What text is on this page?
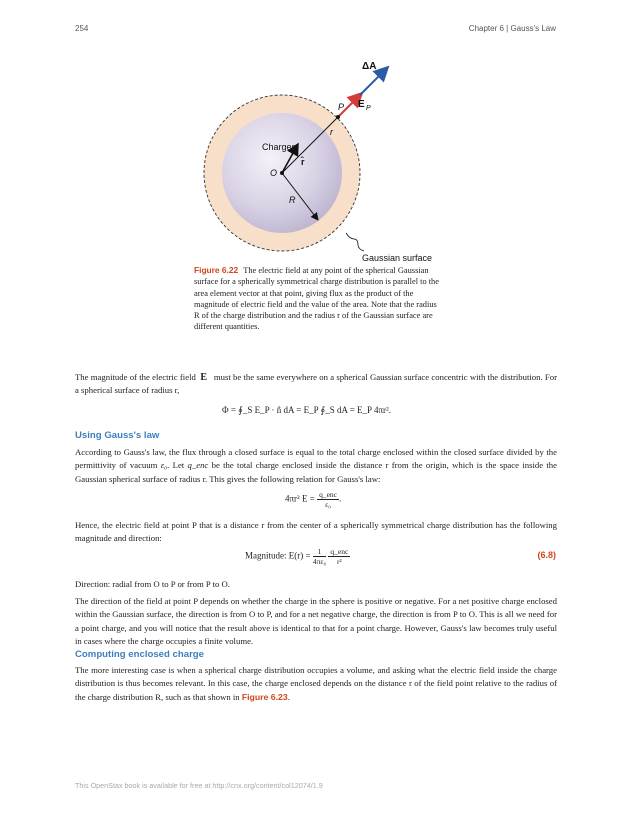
254	Chapter 6 | Gauss's Law
ΔA
E P
P
r
Charges
r̂
O
R
Gaussian surface
Figure 6.22 The electric field at any point of the spherical Gaussian surface for a spherically symmetrical charge distribution is parallel to the area element vector at that point, giving flux as the product of the magnitude of electric field and the value of the area. Note that the radius R of the charge distribution and the radius r of the Gaussian surface are different quantities.

The magnitude of the electric field E must be the same everywhere on a spherical Gaussian surface concentric with the distribution. For a spherical surface of radius r,

Φ = ∮_S E_P · n̂ dA = E_P ∮_S dA = E_P 4πr².
Using Gauss's law

According to Gauss's law, the flux through a closed surface is equal to the total charge enclosed within the closed surface divided by the permittivity of vacuum ε₀. Let q_enc be the total charge enclosed inside the distance r from the origin, which is the space inside the Gaussian spherical surface of radius r. This gives the following relation for Gauss's law:

4πr² $E = \frac{\text{q\_enc}}{\text{ε₀}}$ .

Hence, the electric field at point P that is a distance r from the center of a spherically symmetrical charge distribution has the following magnitude and direction:

Magnitude: $E(r) = \frac{1}{\text{4πε₀}}$
$\frac{\text{q\_enc}}{\text{r²}}$	(6.8)

Direction: radial from O to P or from P to O.

The direction of the field at point P depends on whether the charge in the sphere is positive or negative. For a net positive charge enclosed within the Gaussian surface, the direction is from O to P, and for a net negative charge, the direction is from P to O. This is all we need for a point charge, and you will notice that the result above is identical to that for a point charge. However, Gauss's law becomes truly useful in cases where the charge occupies a finite volume.

Computing enclosed charge

The more interesting case is when a spherical charge distribution occupies a volume, and asking what the electric field inside the charge distribution is thus becomes relevant. In this case, the charge enclosed depends on the distance r of the field point relative to the radius of the charge distribution R, such as that shown in Figure 6.23.

This OpenStax book is available for free at http://cnx.org/content/col12074/1.9
